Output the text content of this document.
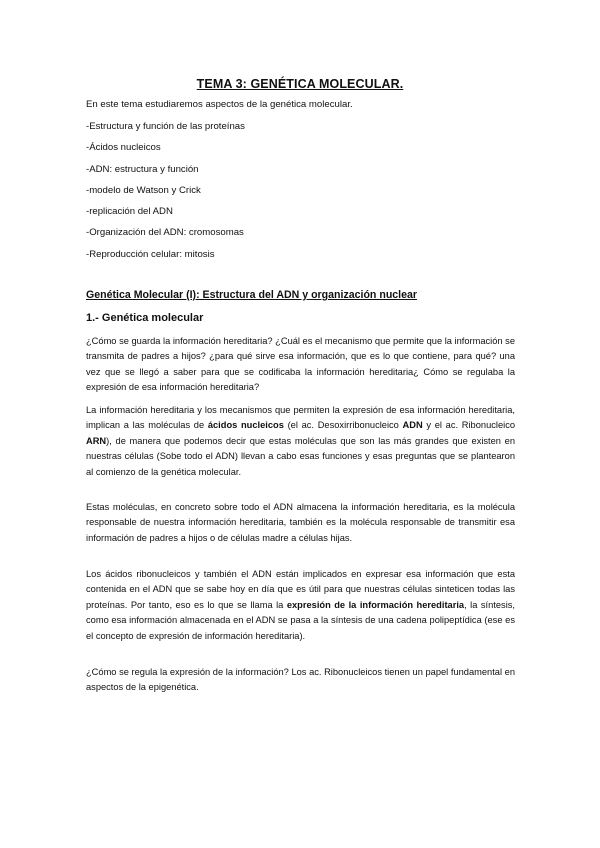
TEMA 3: GENÉTICA MOLECULAR.
En este tema estudiaremos aspectos de la genética molecular.
-Estructura y función de las proteínas
-Ácidos nucleicos
-ADN: estructura y función
-modelo de Watson y Crick
-replicación del ADN
-Organización del ADN: cromosomas
-Reproducción celular: mitosis
Genética Molecular (I): Estructura del ADN y organización nuclear
1.- Genética molecular

¿Cómo se guarda la información hereditaria? ¿Cuál es el mecanismo que permite que la información se transmita de padres a hijos? ¿para qué sirve esa información, que es lo que contiene, para qué? una vez que se llegó a saber para que se codificaba la información hereditaria¿ Cómo se regulaba la expresión de esa información hereditaria?

La información hereditaria y los mecanismos que permiten la expresión de esa información hereditaria, implican a las moléculas de ácidos nucleicos (el ac. Desoxirribonucleico ADN y el ac. Ribonucleico ARN), de manera que podemos decir que estas moléculas que son las más grandes que existen en nuestras células (Sobe todo el ADN) llevan a cabo esas funciones y esas preguntas que se plantearon al comienzo de la genética molecular.

Estas moléculas, en concreto sobre todo el ADN almacena la información hereditaria, es la molécula responsable de nuestra información hereditaria, también es la molécula responsable de transmitir esa información de padres a hijos o de células madre a células hijas.

Los ácidos ribonucleicos y también el ADN están implicados en expresar esa información que esta contenida en el ADN que se sabe hoy en día que es útil para que nuestras células sinteticen todas las proteínas. Por tanto, eso es lo que se llama la expresión de la información hereditaria, la síntesis, como esa información almacenada en el ADN se pasa a la síntesis de una cadena polipeptídica (ese es el concepto de expresión de información hereditaria).

¿Cómo se regula la expresión de la información? Los ac. Ribonucleicos tienen un papel fundamental en aspectos de la epigenética.
